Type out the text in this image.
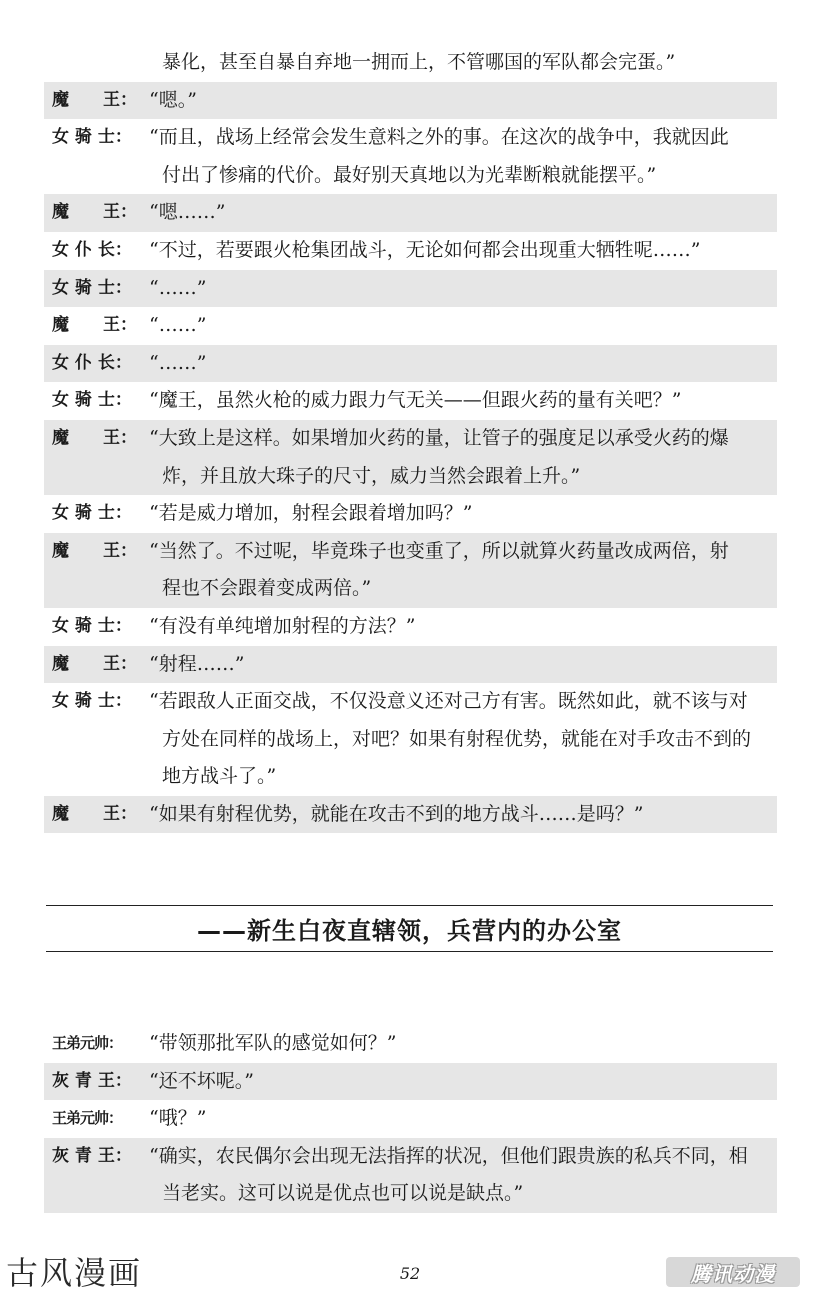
暴化，甚至自暴自弃地一拥而上，不管哪国的军队都会完蛋。”
魔　　王： “嗯。”
女 骑 士： “而且，战场上经常会发生意料之外的事。在这次的战争中，我就因此
付出了惨痛的代价。最好别天真地以为光辈断粮就能摆平。”
魔　　王： “嗯……”
女 仆 长： “不过，若要跟火枪集团战斗，无论如何都会出现重大牺牲呢……”
女 骑 士： “……”
魔　　王： “……”
女 仆 长： “……”
女 骑 士： “魔王，虽然火枪的威力跟力气无关——但跟火药的量有关吧？”
魔　　王： “大致上是这样。如果增加火药的量，让管子的强度足以承受火药的爆
炸，并且放大珠子的尺寸，威力当然会跟着上升。”
女 骑 士： “若是威力增加，射程会跟着增加吗？”
魔　　王： “当然了。不过呢，毕竟珠子也变重了，所以就算火药量改成两倍，射
程也不会跟着变成两倍。”
女 骑 士： “有没有单纯增加射程的方法？”
魔　　王： “射程……”
女 骑 士： “若跟敌人正面交战，不仅没意义还对己方有害。既然如此，就不该与对
方处在同样的战场上，对吧？如果有射程优势，就能在对手攻击不到的
地方战斗了。”
魔　　王： “如果有射程优势，就能在攻击不到的地方战斗……是吗？”
——新生白夜直辖领，兵营内的办公室
王弟元帅：	“带领那批军队的感觉如何？”
灰 青 王： “还不坏呢。”
王弟元帅：	“哦？”
灰 青 王： “确实，农民偶尔会出现无法指挥的状况，但他们跟贵族的私兵不同，相
当老实。这可以说是优点也可以说是缺点。”
古风漫画	52	腾讯动漫
